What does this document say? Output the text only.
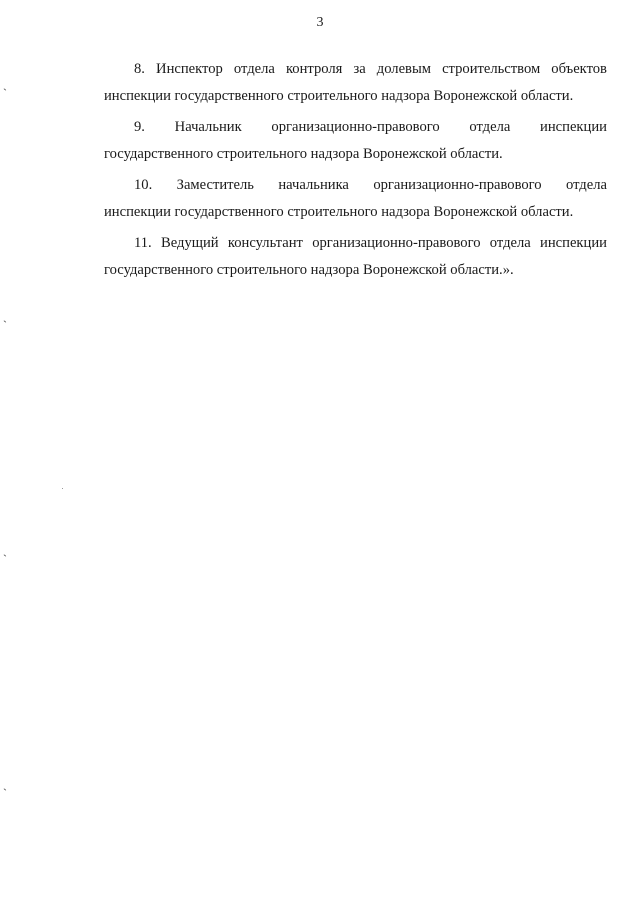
3

8. Инспектор отдела контроля за долевым строительством объектов
инспекции государственного строительного надзора Воронежской области.

9. Начальник организационно-правового отдела инспекции
государственного строительного надзора Воронежской области.

10. Заместитель начальника организационно-правового отдела
инспекции государственного строительного надзора Воронежской области.

11. Ведущий консультант организационно-правового отдела инспекции
государственного строительного надзора Воронежской области.».

ˏ
ˏ
ˏ
ˏ
